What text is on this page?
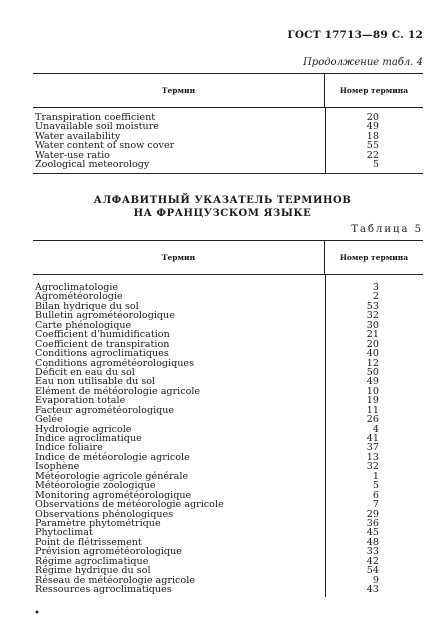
ГОСТ 17713—89 С. 12
Продолжение табл. 4
Термин	Номер термина
Transpiration coefficient	20
Unavailable soil moisture	49
Water availability	18
Water content of snow cover	55
Water-use ratio	22
Zoological meteorology	5
АЛФАВИТНЫЙ УКАЗАТЕЛЬ ТЕРМИНОВ
НА ФРАНЦУЗСКОМ ЯЗЫКЕ
Таблица 5
Термин	Номер термина
Agroclimatologie	3
Agrométéorologie	2
Bilan hydrique du sol	53
Bulletin agrométéorologique	32
Carte phénologique	30
Coefficient d'humidification	21
Coefficient de transpiration	20
Conditions agroclimatiques	40
Conditions agrométéorologiques	12
Déficit en eau du sol	50
Eau non utilisable du sol	49
Elément de météorologie agricole	10
Evaporation totale	19
Facteur agrométéorologique	11
Gelée	26
Hydrologie agricole	4
Indice agroclimatique	41
Indice foliaire	37
Indice de météorologie agricole	13
Isophène	32
Météorologie agricole générale	1
Météorologie zoologique	5
Monitoring agrométéorologique	6
Observations de météorologie agricole	7
Observations phénologiques	29
Paramètre phytométrique	36
Phytoclimat	45
Point de flétrissement	48
Prévision agrométéorologique	33
Régime agroclimatique	42
Régime hydrique du sol	54
Réseau de météorologie agricole	9
Ressources agroclimatiques	43
•
